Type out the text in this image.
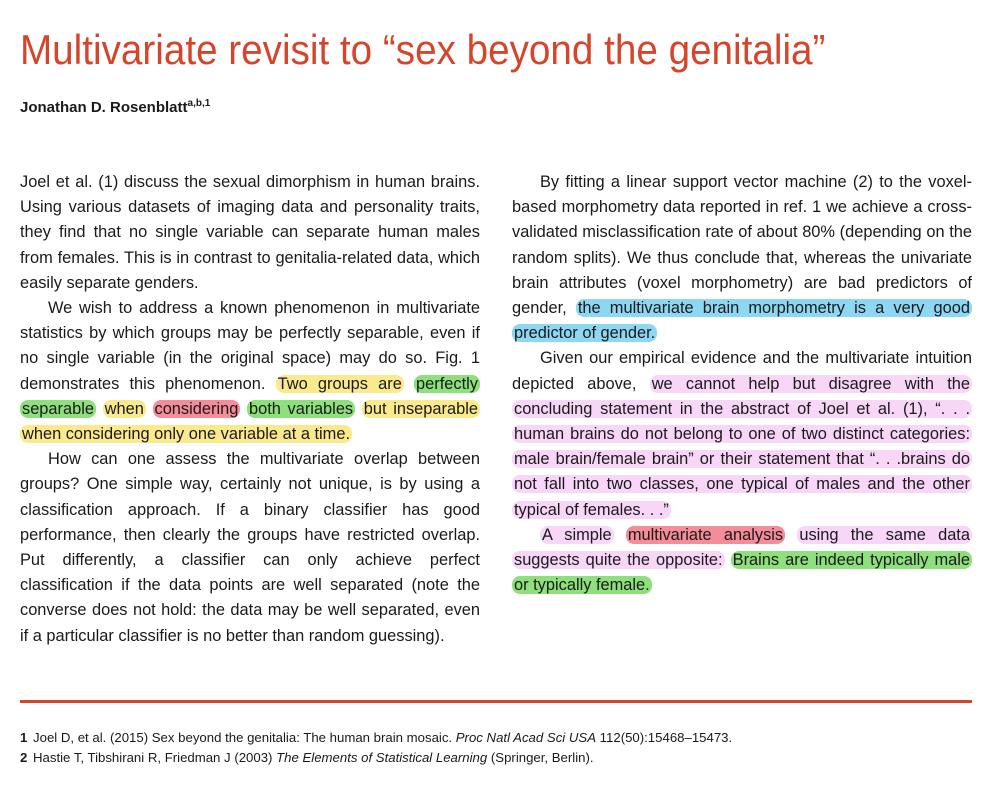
Multivariate revisit to “sex beyond the genitalia”
Jonathan D. Rosenblatt$^{a,b,1}$

Joel et al. (1) discuss the sexual dimorphism in human brains. Using various datasets of imaging data and personality traits, they find that no single variable can separate human males from females. This is in contrast to genitalia-related data, which easily separate genders.

We wish to address a known phenomenon in multivariate statistics by which groups may be perfectly separable, even if no single variable (in the original space) may do so. Fig. 1 demonstrates this phenomenon. Two groups are perfectly separable when considering both variables but inseparable when considering only one variable at a time.

How can one assess the multivariate overlap between groups? One simple way, certainly not unique, is by using a classification approach. If a binary classifier has good performance, then clearly the groups have restricted overlap. Put differently, a classifier can only achieve perfect classification if the data points are well separated (note the converse does not hold: the data may be well separated, even if a particular classifier is no better than random guessing).

By fitting a linear support vector machine (2) to the voxel-based morphometry data reported in ref. 1 we achieve a cross-validated misclassification rate of about 80% (depending on the random splits). We thus conclude that, whereas the univariate brain attributes (voxel morphometry) are bad predictors of gender, the multivariate brain morphometry is a very good predictor of gender.

Given our empirical evidence and the multivariate intuition depicted above, we cannot help but disagree with the concluding statement in the abstract of Joel et al. (1), “. . . human brains do not belong to one of two distinct categories: male brain/female brain” or their statement that “. . .brains do not fall into two classes, one typical of males and the other typical of females. . .”

A simple multivariate analysis using the same data suggests quite the opposite: Brains are indeed typically male or typically female.

1 Joel D, et al. (2015) Sex beyond the genitalia: The human brain mosaic. Proc Natl Acad Sci USA 112(50):15468–15473.

2 Hastie T, Tibshirani R, Friedman J (2003) The Elements of Statistical Learning (Springer, Berlin).
